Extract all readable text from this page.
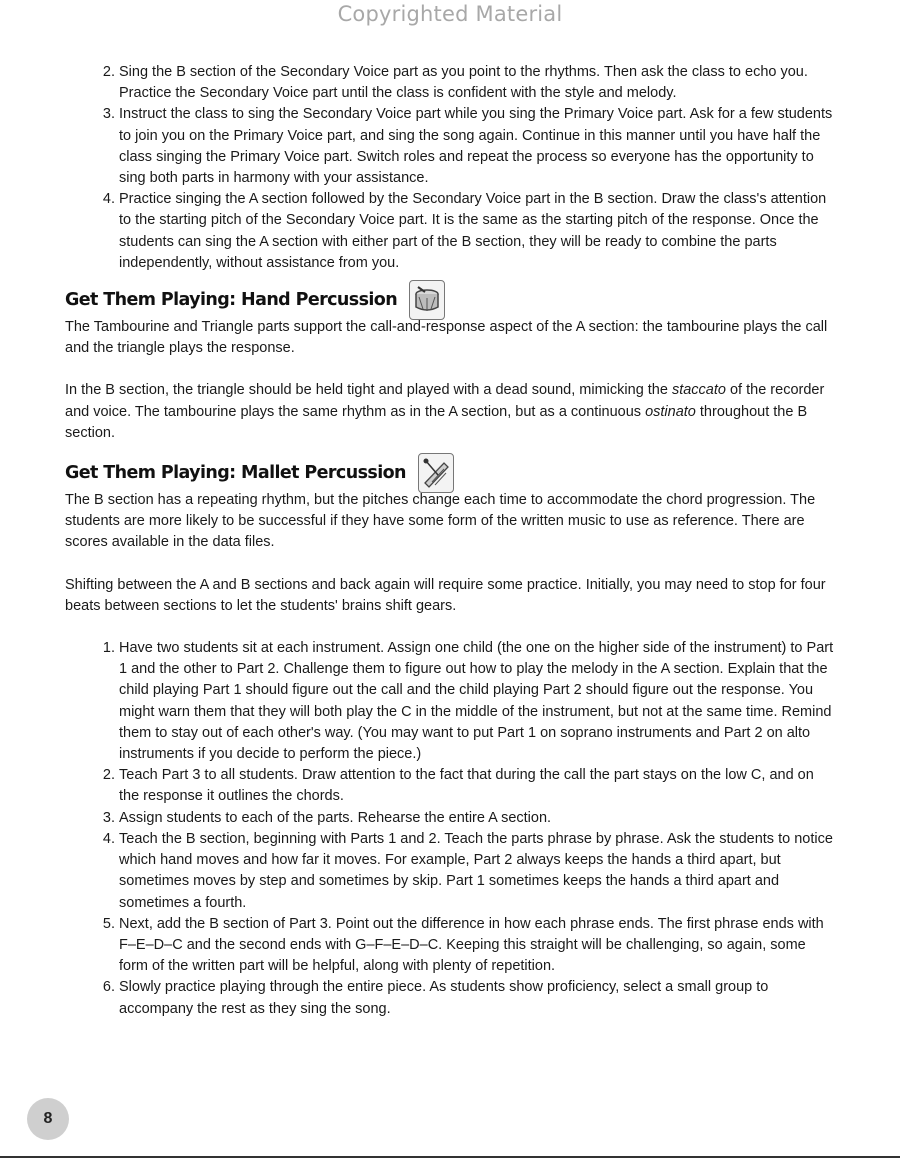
Copyrighted Material
2. Sing the B section of the Secondary Voice part as you point to the rhythms. Then ask the class to echo you. Practice the Secondary Voice part until the class is confident with the style and melody.
3. Instruct the class to sing the Secondary Voice part while you sing the Primary Voice part. Ask for a few students to join you on the Primary Voice part, and sing the song again. Continue in this manner until you have half the class singing the Primary Voice part. Switch roles and repeat the process so everyone has the opportunity to sing both parts in harmony with your assistance.
4. Practice singing the A section followed by the Secondary Voice part in the B section. Draw the class's attention to the starting pitch of the Secondary Voice part. It is the same as the starting pitch of the response. Once the students can sing the A section with either part of the B section, they will be ready to combine the parts independently, without assistance from you.
Get Them Playing: Hand Percussion

The Tambourine and Triangle parts support the call-and-response aspect of the A section: the tambourine plays the call and the triangle plays the response.

In the B section, the triangle should be held tight and played with a dead sound, mimicking the staccato of the recorder and voice. The tambourine plays the same rhythm as in the A section, but as a continuous ostinato throughout the B section.

Get Them Playing: Mallet Percussion

The B section has a repeating rhythm, but the pitches change each time to accommodate the chord progression. The students are more likely to be successful if they have some form of the written music to use as reference. There are scores available in the data files.

Shifting between the A and B sections and back again will require some practice. Initially, you may need to stop for four beats between sections to let the students' brains shift gears.

1. Have two students sit at each instrument. Assign one child (the one on the higher side of the instrument) to Part 1 and the other to Part 2. Challenge them to figure out how to play the melody in the A section. Explain that the child playing Part 1 should figure out the call and the child playing Part 2 should figure out the response. You might warn them that they will both play the C in the middle of the instrument, but not at the same time. Remind them to stay out of each other's way. (You may want to put Part 1 on soprano instruments and Part 2 on alto instruments if you decide to perform the piece.)
2. Teach Part 3 to all students. Draw attention to the fact that during the call the part stays on the low C, and on the response it outlines the chords.
3. Assign students to each of the parts. Rehearse the entire A section.
4. Teach the B section, beginning with Parts 1 and 2. Teach the parts phrase by phrase. Ask the students to notice which hand moves and how far it moves. For example, Part 2 always keeps the hands a third apart, but sometimes moves by step and sometimes by skip. Part 1 sometimes keeps the hands a third apart and sometimes a fourth.
5. Next, add the B section of Part 3. Point out the difference in how each phrase ends. The first phrase ends with F–E–D–C and the second ends with G–F–E–D–C. Keeping this straight will be challenging, so again, some form of the written part will be helpful, along with plenty of repetition.
6. Slowly practice playing through the entire piece. As students show proficiency, select a small group to accompany the rest as they sing the song.
8
